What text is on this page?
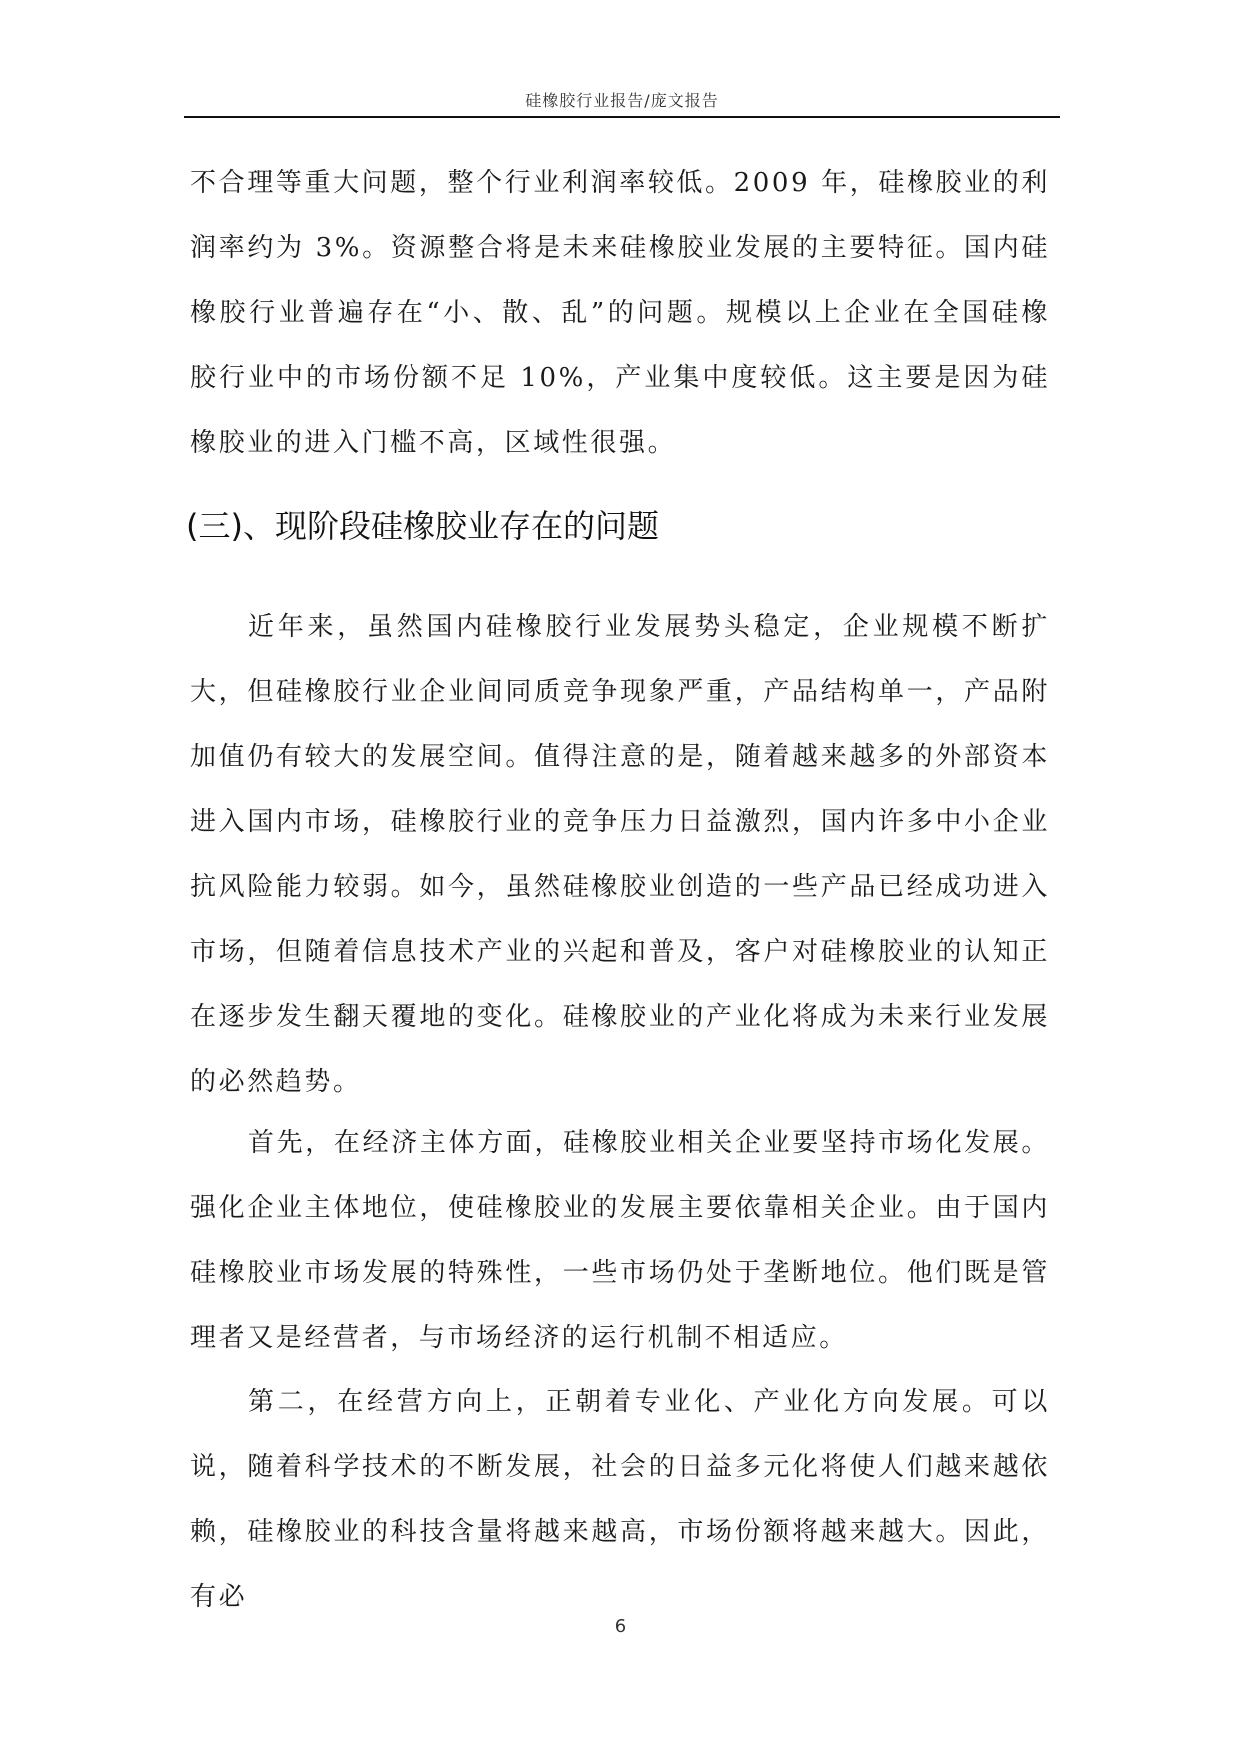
硅橡胶行业报告/庞文报告

不合理等重大问题，整个行业利润率较低。2009 年，硅橡胶业的利润率约为 3%。资源整合将是未来硅橡胶业发展的主要特征。国内硅橡胶行业普遍存在“小、散、乱”的问题。规模以上企业在全国硅橡胶行业中的市场份额不足 10%，产业集中度较低。这主要是因为硅橡胶业的进入门槛不高，区域性很强。

(三)、现阶段硅橡胶业存在的问题

近年来，虽然国内硅橡胶行业发展势头稳定，企业规模不断扩大，但硅橡胶行业企业间同质竞争现象严重，产品结构单一，产品附加值仍有较大的发展空间。值得注意的是，随着越来越多的外部资本进入国内市场，硅橡胶行业的竞争压力日益激烈，国内许多中小企业抗风险能力较弱。如今，虽然硅橡胶业创造的一些产品已经成功进入市场，但随着信息技术产业的兴起和普及，客户对硅橡胶业的认知正在逐步发生翻天覆地的变化。硅橡胶业的产业化将成为未来行业发展的必然趋势。

首先，在经济主体方面，硅橡胶业相关企业要坚持市场化发展。强化企业主体地位，使硅橡胶业的发展主要依靠相关企业。由于国内硅橡胶业市场发展的特殊性，一些市场仍处于垄断地位。他们既是管理者又是经营者，与市场经济的运行机制不相适应。

第二，在经营方向上，正朝着专业化、产业化方向发展。可以说，随着科学技术的不断发展，社会的日益多元化将使人们越来越依赖，硅橡胶业的科技含量将越来越高，市场份额将越来越大。因此，有必

6
